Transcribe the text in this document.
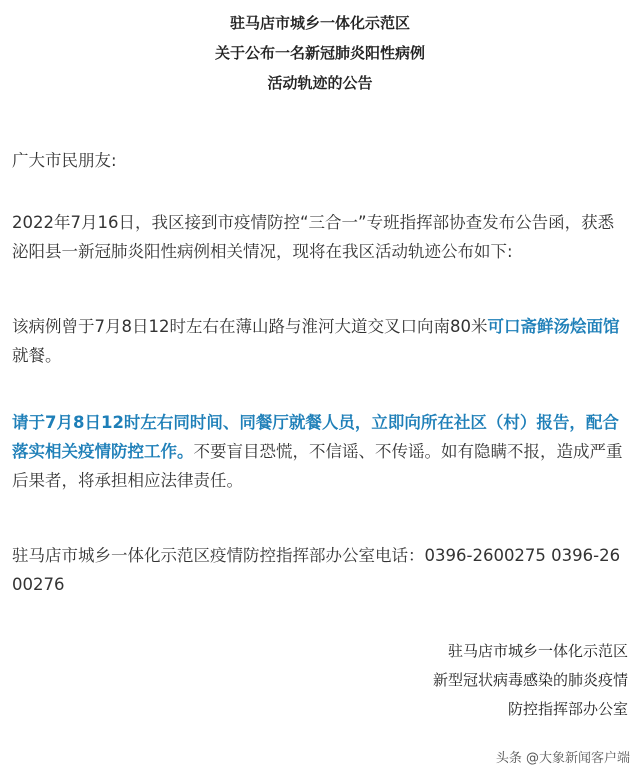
驻马店市城乡一体化示范区
关于公布一名新冠肺炎阳性病例
活动轨迹的公告
广大市民朋友:
2022年7月16日，我区接到市疫情防控“三合一”专班指挥部协查发布公告函，获悉泌阳县一新冠肺炎阳性病例相关情况，现将在我区活动轨迹公布如下:
该病例曾于7月8日12时左右在薄山路与淮河大道交叉口向南80米可口斋鲜汤烩面馆就餐。
请于7月8日12时左右同时间、同餐厅就餐人员，立即向所在社区（村）报告，配合落实相关疫情防控工作。不要盲目恐慌，不信谣、不传谣。如有隐瞒不报，造成严重后果者，将承担相应法律责任。
驻马店市城乡一体化示范区疫情防控指挥部办公室电话：0396-2600275 0396-2600276
驻马店市城乡一体化示范区
新型冠状病毒感染的肺炎疫情
防控指挥部办公室
头条 @大象新闻客户端
